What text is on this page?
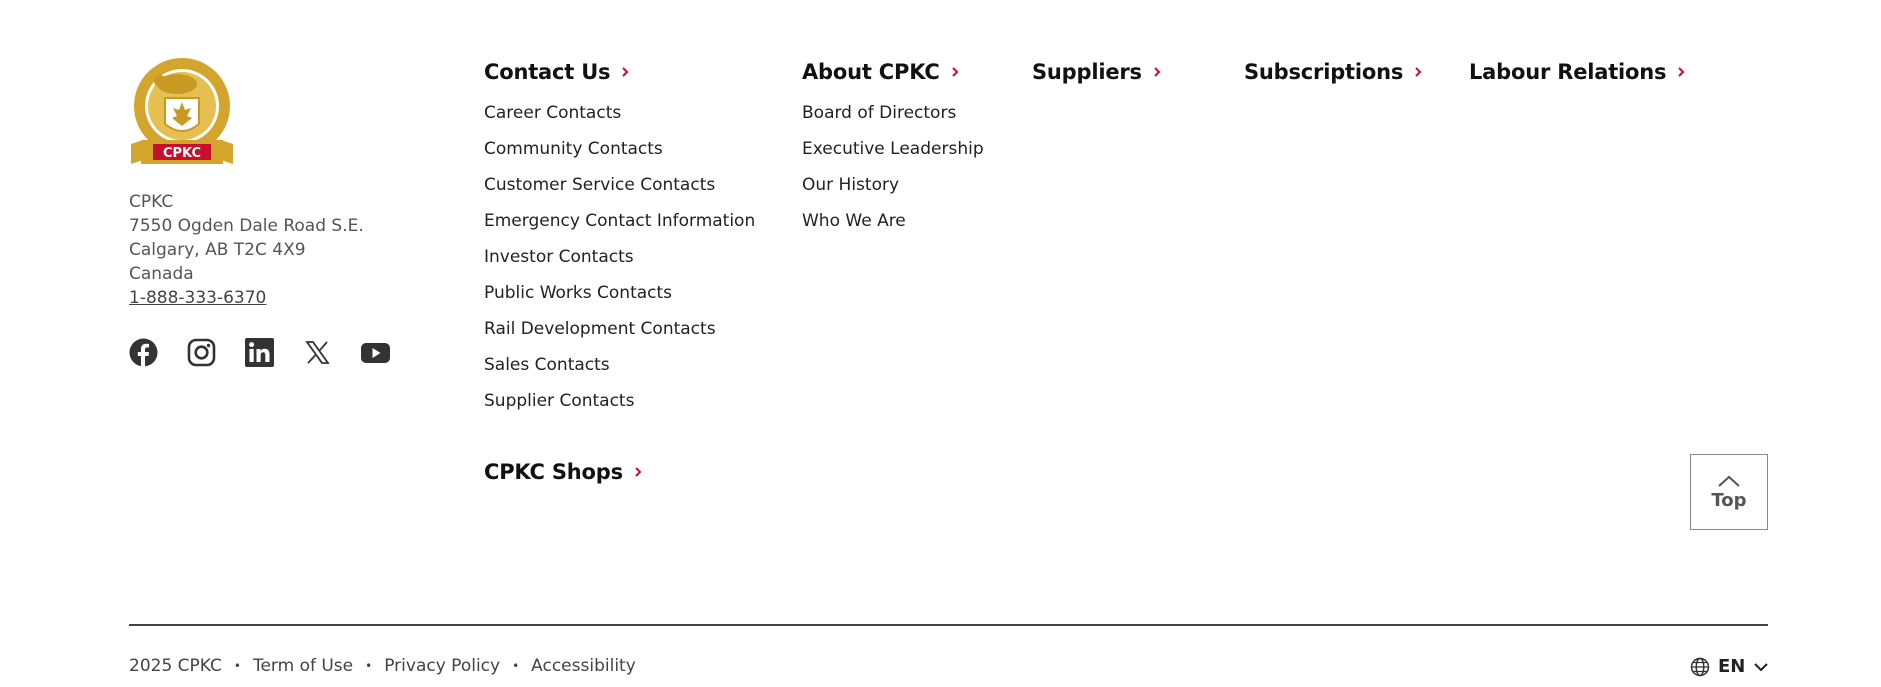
CPKC
CPKC
7550 Ogden Dale Road S.E.
Calgary, AB T2C 4X9
Canada
1-888-333-6370
Contact Us
Career Contacts
Community Contacts
Customer Service Contacts
Emergency Contact Information
Investor Contacts
Public Works Contacts
Rail Development Contacts
Sales Contacts
Supplier Contacts
CPKC Shops
About CPKC
Board of Directors
Executive Leadership
Our History
Who We Are
Suppliers	Subscriptions	Labour Relations
Top
2025 CPKC • Term of Use • Privacy Policy • Accessibility	EN
